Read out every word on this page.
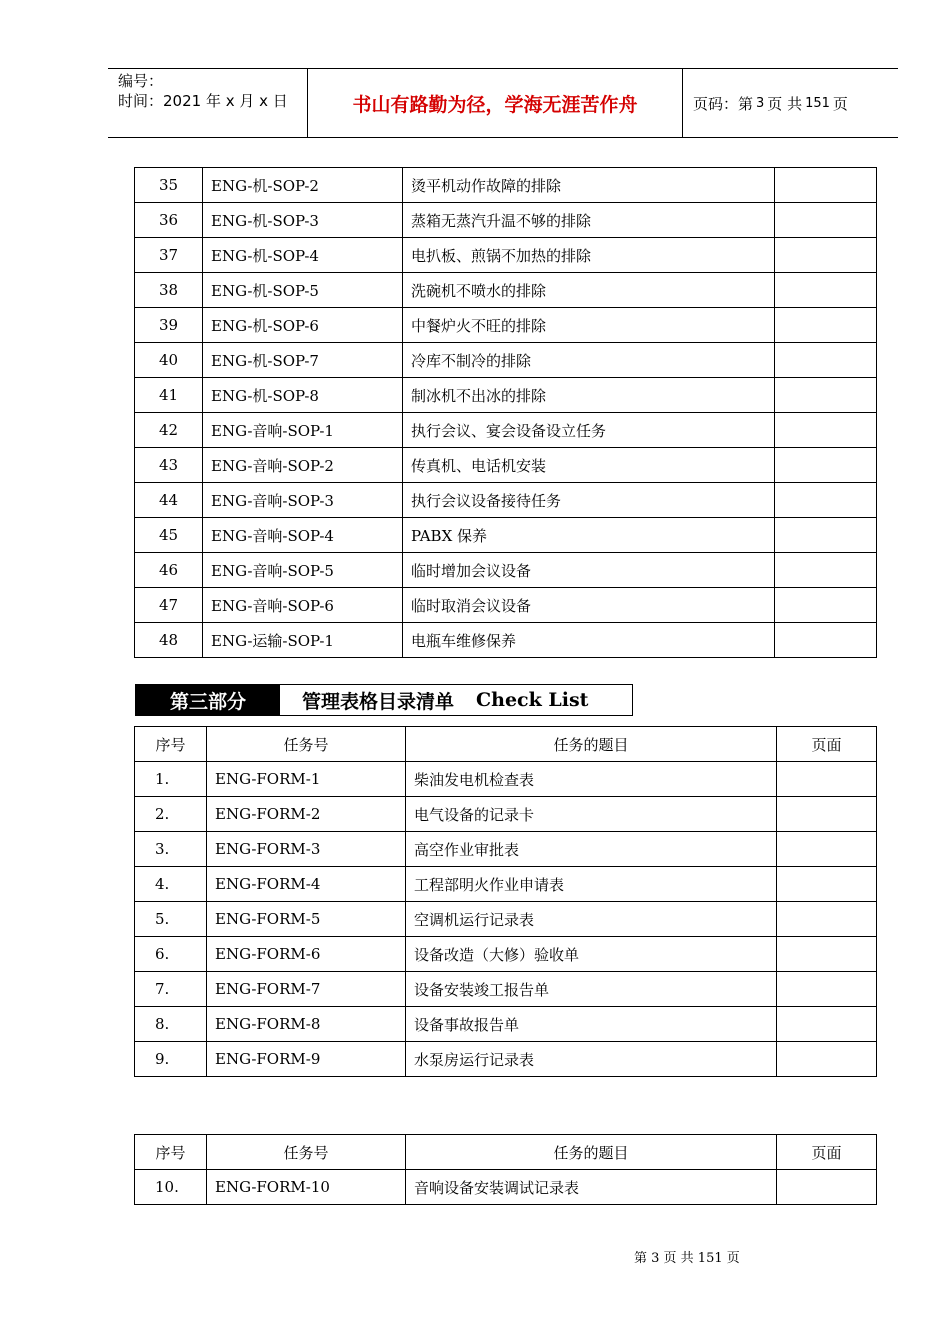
编号：
时间：2021 年 x 月 x 日	书山有路勤为径，学海无涯苦作舟	页码：第 3 页 共 151 页
35	ENG-机-SOP-2	烫平机动作故障的排除	
36	ENG-机-SOP-3	蒸箱无蒸汽升温不够的排除	
37	ENG-机-SOP-4	电扒板、煎锅不加热的排除	
38	ENG-机-SOP-5	洗碗机不喷水的排除	
39	ENG-机-SOP-6	中餐炉火不旺的排除	
40	ENG-机-SOP-7	冷库不制冷的排除	
41	ENG-机-SOP-8	制冰机不出冰的排除	
42	ENG-音响-SOP-1	执行会议、宴会设备设立任务	
43	ENG-音响-SOP-2	传真机、电话机安装	
44	ENG-音响-SOP-3	执行会议设备接待任务	
45	ENG-音响-SOP-4	PABX 保养	
46	ENG-音响-SOP-5	临时增加会议设备	
47	ENG-音响-SOP-6	临时取消会议设备	
48	ENG-运输-SOP-1	电瓶车维修保养	
第三部分	管理表格目录清单 Check List
序号	任务号	任务的题目	页面
1.	ENG-FORM-1	柴油发电机检查表	
2.	ENG-FORM-2	电气设备的记录卡	
3.	ENG-FORM-3	高空作业审批表	
4.	ENG-FORM-4	工程部明火作业申请表	
5.	ENG-FORM-5	空调机运行记录表	
6.	ENG-FORM-6	设备改造（大修）验收单	
7.	ENG-FORM-7	设备安装竣工报告单	
8.	ENG-FORM-8	设备事故报告单	
9.	ENG-FORM-9	水泵房运行记录表	
序号	任务号	任务的题目	页面
10.	ENG-FORM-10	音响设备安装调试记录表	
第 3 页 共 151 页
